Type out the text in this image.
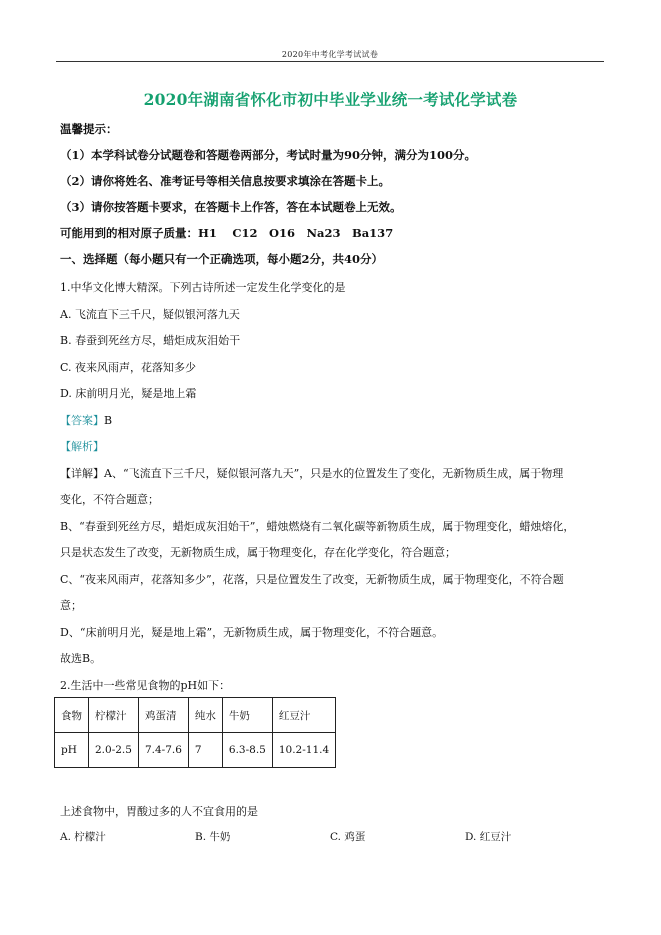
2020年中考化学考试试卷
2020年湖南省怀化市初中毕业学业统一考试化学试卷
温馨提示：
（1）本学科试卷分试题卷和答题卷两部分，考试时量为90分钟，满分为100分。
（2）请你将姓名、准考证号等相关信息按要求填涂在答题卡上。
（3）请你按答题卡要求，在答题卡上作答，答在本试题卷上无效。
可能用到的相对原子质量：H1　 C12　O16　Na23　Ba137
一、选择题（每小题只有一个正确选项，每小题2分，共40分）
1.中华文化博大精深。下列古诗所述一定发生化学变化的是
A. 飞流直下三千尺，疑似银河落九天
B. 春蚕到死丝方尽，蜡炬成灰泪始干
C. 夜来风雨声，花落知多少
D. 床前明月光，疑是地上霜
【答案】B
【解析】
【详解】A、“飞流直下三千尺，疑似银河落九天”，只是水的位置发生了变化，无新物质生成，属于物理
变化，不符合题意；
B、“春蚕到死丝方尽，蜡炬成灰泪始干”，蜡烛燃烧有二氧化碳等新物质生成，属于物理变化，蜡烛熔化，
只是状态发生了改变，无新物质生成，属于物理变化，存在化学变化，符合题意；
C、“夜来风雨声，花落知多少”，花落，只是位置发生了改变，无新物质生成，属于物理变化，不符合题
意；
D、“床前明月光，疑是地上霜”，无新物质生成，属于物理变化，不符合题意。
故选B。
2.生活中一些常见食物的pH如下：
食物	柠檬汁	鸡蛋清	纯水	牛奶	红豆汁
pH	2.0-2.5	7.4-7.6	7	6.3-8.5	10.2-11.4
上述食物中，胃酸过多的人不宜食用的是
A. 柠檬汁	B. 牛奶	C. 鸡蛋	D. 红豆汁
